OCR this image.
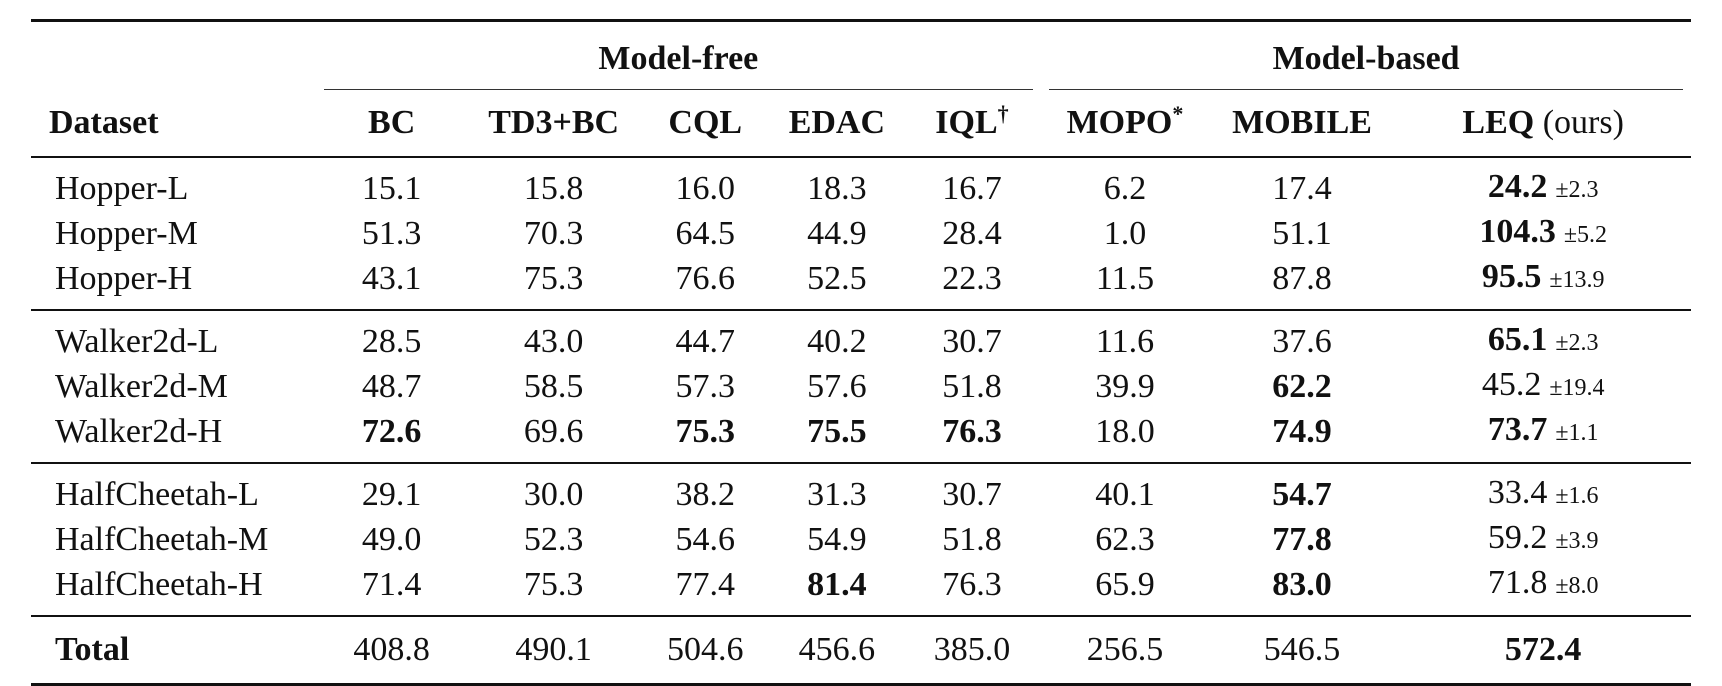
	Model-free					Model-based		
Dataset	BC	TD3+BC	CQL	EDAC	IQL†	MOPO*	MOBILE	LEQ (ours)
Hopper-L	15.1	15.8	16.0	18.3	16.7	6.2	17.4	24.2 ±2.3
Hopper-M	51.3	70.3	64.5	44.9	28.4	1.0	51.1	104.3 ±5.2
Hopper-H	43.1	75.3	76.6	52.5	22.3	11.5	87.8	95.5 ±13.9
Walker2d-L	28.5	43.0	44.7	40.2	30.7	11.6	37.6	65.1 ±2.3
Walker2d-M	48.7	58.5	57.3	57.6	51.8	39.9	62.2	45.2 ±19.4
Walker2d-H	72.6	69.6	75.3	75.5	76.3	18.0	74.9	73.7 ±1.1
HalfCheetah-L	29.1	30.0	38.2	31.3	30.7	40.1	54.7	33.4 ±1.6
HalfCheetah-M	49.0	52.3	54.6	54.9	51.8	62.3	77.8	59.2 ±3.9
HalfCheetah-H	71.4	75.3	77.4	81.4	76.3	65.9	83.0	71.8 ±8.0
Total	408.8	490.1	504.6	456.6	385.0	256.5	546.5	572.4
